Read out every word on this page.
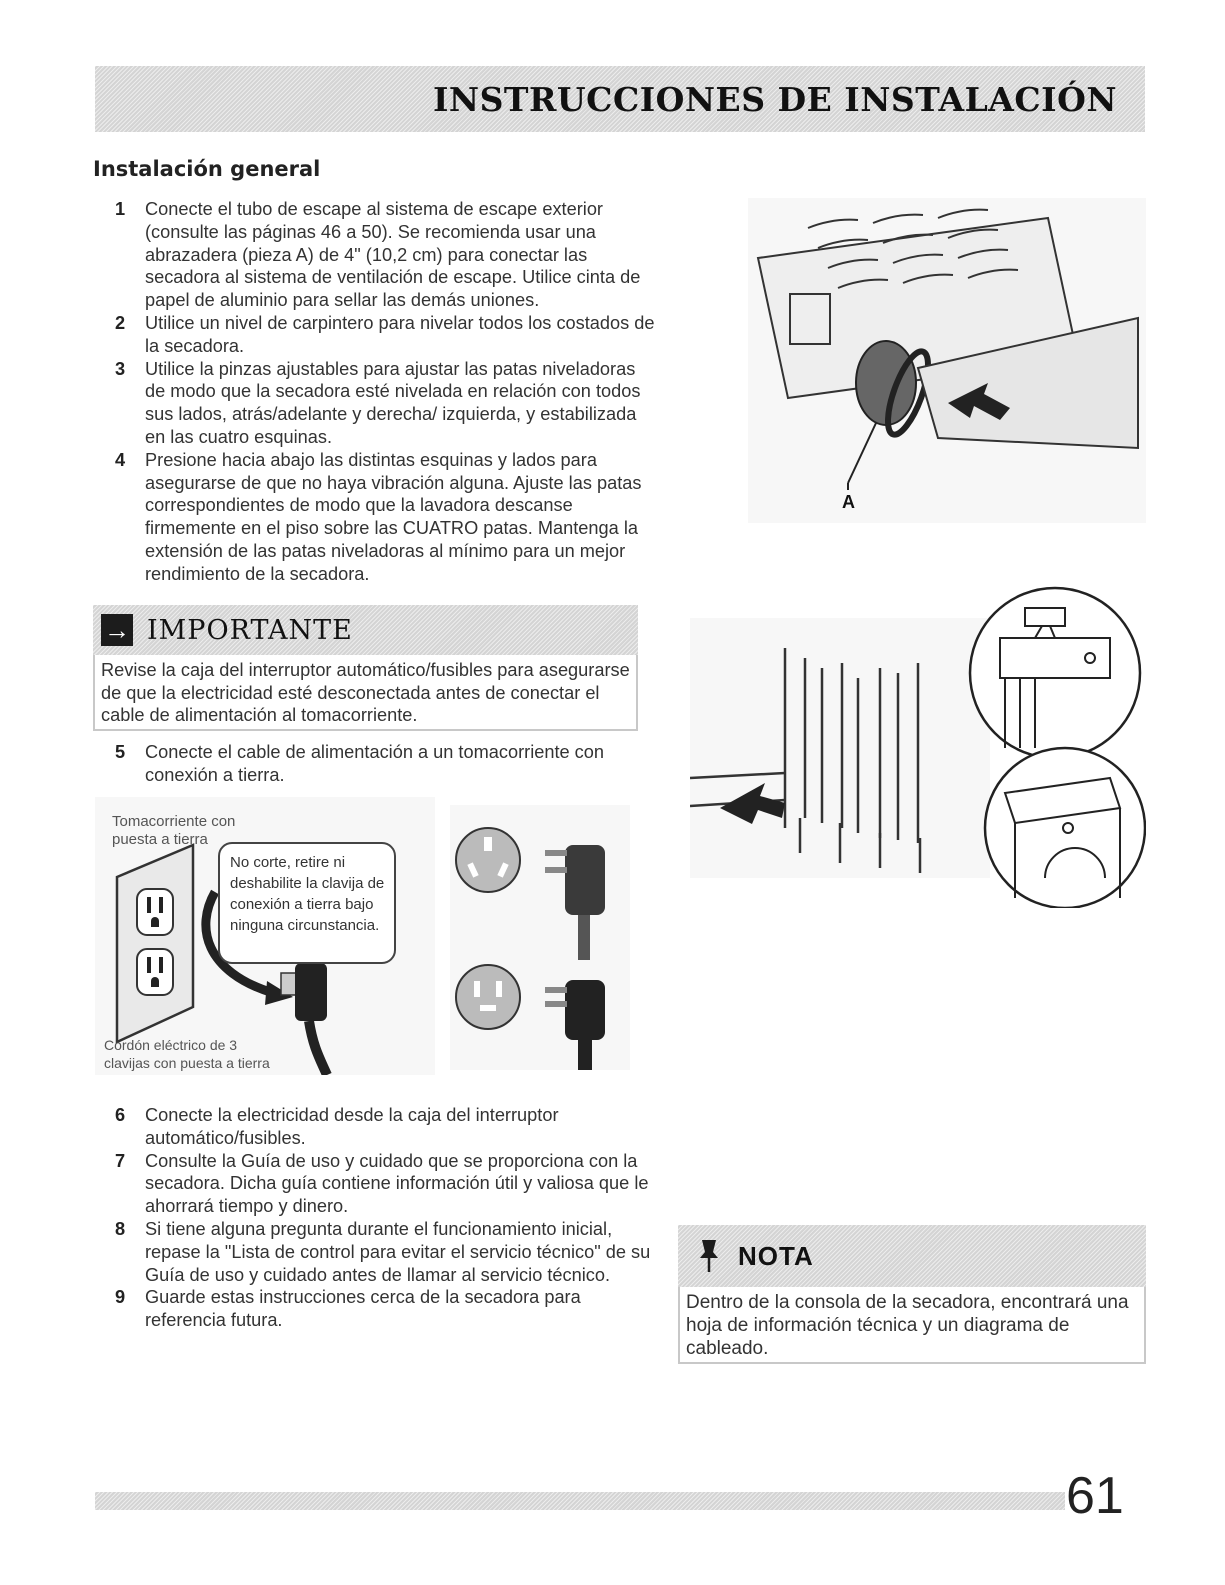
INSTRUCCIONES DE INSTALACIÓN
Instalación general
1 Conecte el tubo de escape al sistema de escape exterior (consulte las páginas 46 a 50). Se recomienda usar una abrazadera (pieza A) de 4" (10,2 cm) para conectar las secadora al sistema de ventilación de escape. Utilice cinta de papel de aluminio para sellar las demás uniones.
2 Utilice un nivel de carpintero para nivelar todos los costados de la secadora.
3 Utilice la pinzas ajustables para ajustar las patas niveladoras de modo que la secadora esté nivelada en relación con todos sus lados, atrás/adelante y derecha/ izquierda, y estabilizada en las cuatro esquinas.
4 Presione hacia abajo las distintas esquinas y lados para asegurarse de que no haya vibración alguna. Ajuste las patas correspondientes de modo que la lavadora descanse firmemente en el piso sobre las CUATRO patas. Mantenga la extensión de las patas niveladoras al mínimo para un mejor rendimiento de la secadora.
→ IMPORTANTE
Revise la caja del interruptor automático/fusibles para asegurarse de que la electricidad esté desconectada antes de conectar el cable de alimentación al tomacorriente.
5 Conecte el cable de alimentación a un tomacorriente con conexión a tierra.
Tomacorriente con puesta a tierra
No corte, retire ni deshabilite la clavija de conexión a tierra bajo ninguna circunstancia.
Cordón eléctrico de 3 clavijas con puesta a tierra
6 Conecte la electricidad desde la caja del interruptor automático/fusibles.
7 Consulte la Guía de uso y cuidado que se proporciona con la secadora. Dicha guía contiene información útil y valiosa que le ahorrará tiempo y dinero.
8 Si tiene alguna pregunta durante el funcionamiento inicial, repase la "Lista de control para evitar el servicio técnico" de su Guía de uso y cuidado antes de llamar al servicio técnico.
9 Guarde estas instrucciones cerca de la secadora para referencia futura.
A
NOTA
Dentro de la consola de la secadora, encontrará una hoja de información técnica y un diagrama de cableado.
61
